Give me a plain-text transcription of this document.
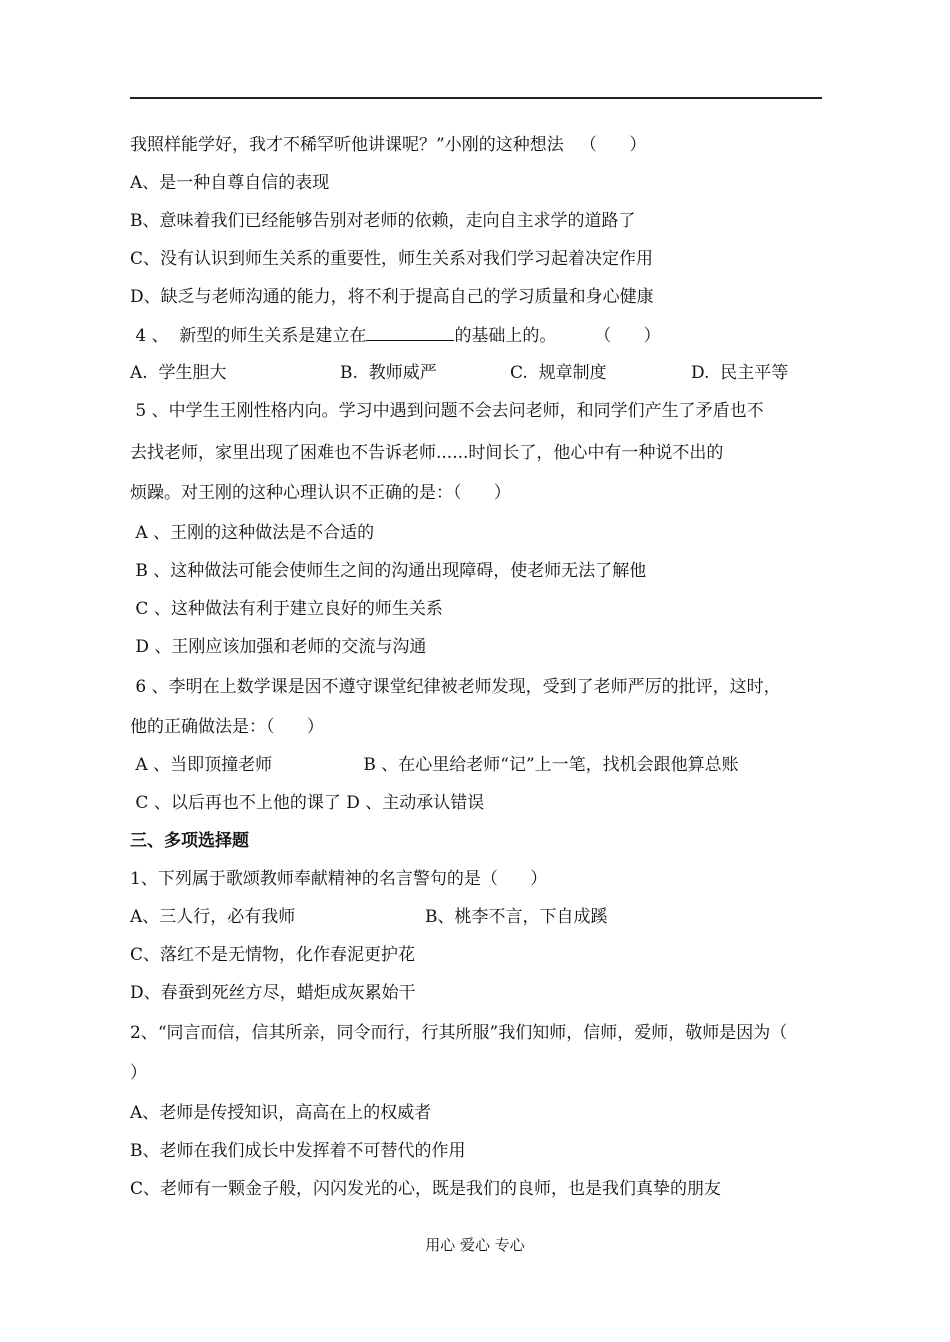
我照样能学好，我才不稀罕听他讲课呢？”小刚的这种想法   （      ）
A、是一种自尊自信的表现
B、意味着我们已经能够告别对老师的依赖，走向自主求学的道路了
C、没有认识到师生关系的重要性，师生关系对我们学习起着决定作用
D、缺乏与老师沟通的能力，将不利于提高自己的学习质量和身心健康
4 、  新型的师生关系是建立在	的基础上的。       （      ）
A.  学生胆大	B.  教师威严	C.  规章制度	D.  民主平等
5 、中学生王刚性格内向。学习中遇到问题不会去问老师，和同学们产生了矛盾也不
去找老师，家里出现了困难也不告诉老师......时间长了，他心中有一种说不出的
烦躁。对王刚的这种心理认识不正确的是：（      ）
A 、王刚的这种做法是不合适的
B 、这种做法可能会使师生之间的沟通出现障碍，使老师无法了解他
C 、这种做法有利于建立良好的师生关系
D 、王刚应该加强和老师的交流与沟通
6 、李明在上数学课是因不遵守课堂纪律被老师发现，受到了老师严厉的批评，这时，
他的正确做法是：（      ）
A 、当即顶撞老师	B 、在心里给老师“记”上一笔，找机会跟他算总账
C 、以后再也不上他的课了 D 、主动承认错误
三、多项选择题
1、下列属于歌颂教师奉献精神的名言警句的是（      ）
A、三人行，必有我师	B、桃李不言，下自成蹊
C、落红不是无情物，化作春泥更护花
D、春蚕到死丝方尽，蜡炬成灰累始干
2、“同言而信，信其所亲，同令而行，行其所服”我们知师，信师，爱师，敬师是因为（
）
A、老师是传授知识，高高在上的权威者
B、老师在我们成长中发挥着不可替代的作用
C、老师有一颗金子般，闪闪发光的心，既是我们的良师，也是我们真挚的朋友
用心 爱心 专心
